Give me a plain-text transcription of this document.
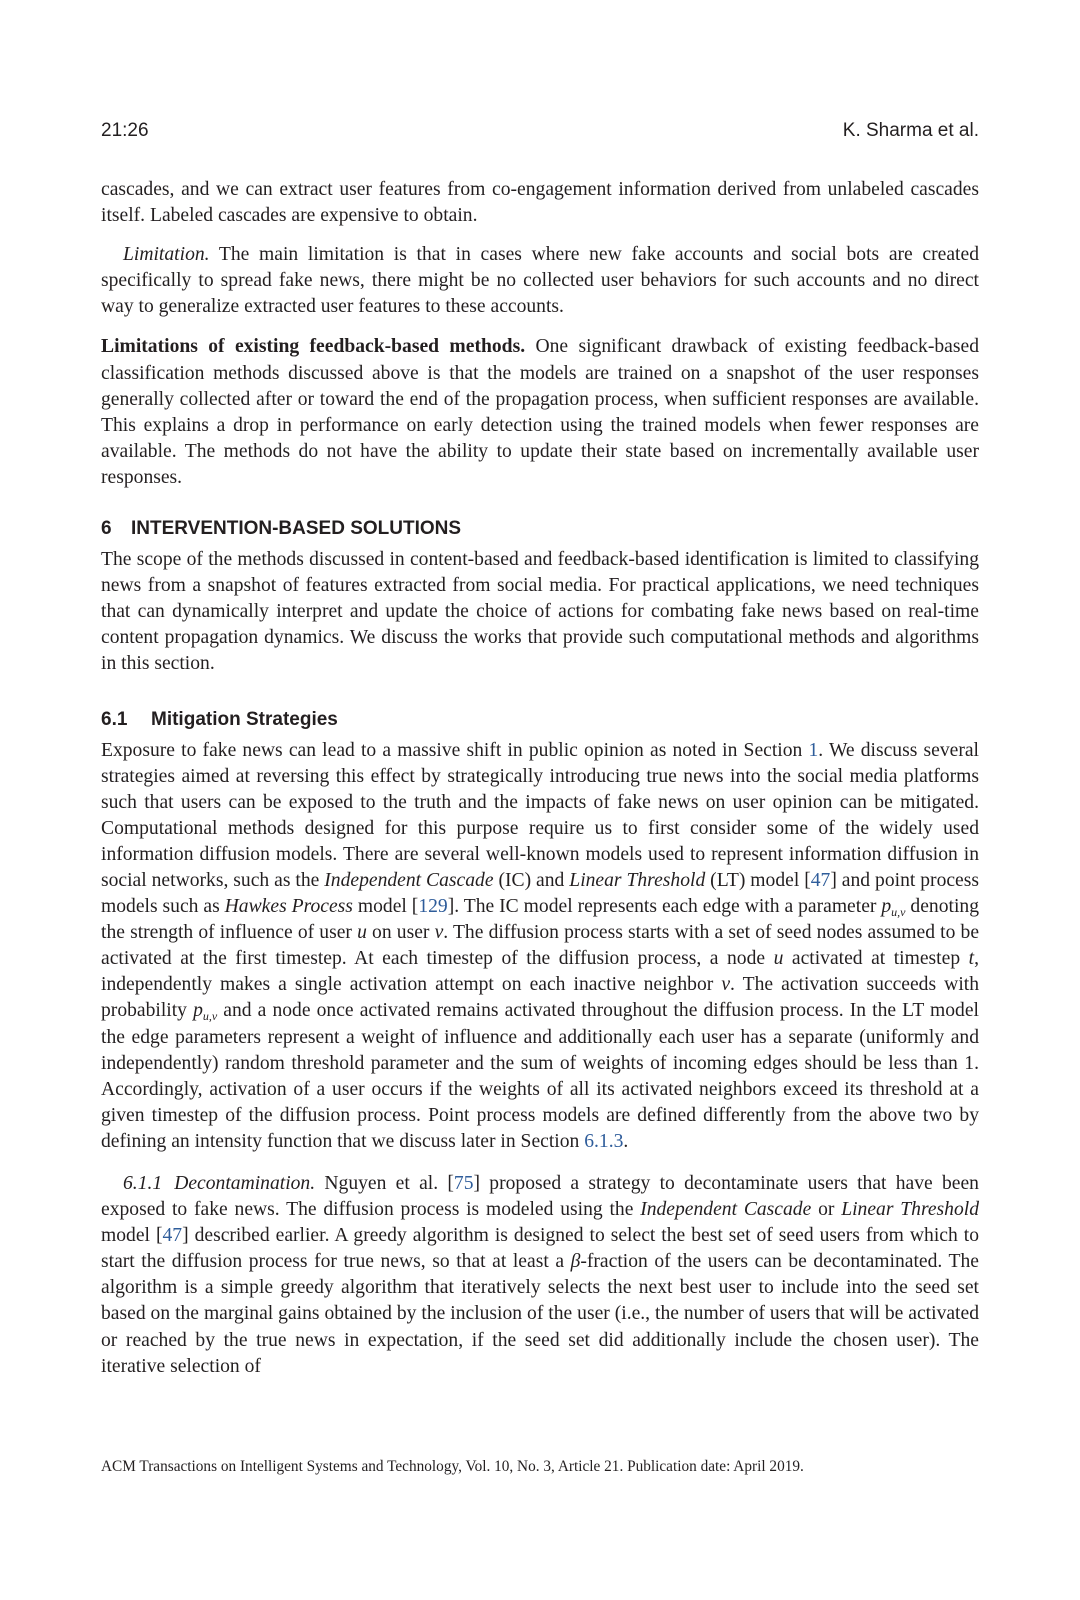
21:26	K. Sharma et al.

cascades, and we can extract user features from co-engagement information derived from unlabeled cascades itself. Labeled cascades are expensive to obtain.

Limitation. The main limitation is that in cases where new fake accounts and social bots are created specifically to spread fake news, there might be no collected user behaviors for such accounts and no direct way to generalize extracted user features to these accounts.

Limitations of existing feedback-based methods. One significant drawback of existing feedback-based classification methods discussed above is that the models are trained on a snapshot of the user responses generally collected after or toward the end of the propagation process, when sufficient responses are available. This explains a drop in performance on early detection using the trained models when fewer responses are available. The methods do not have the ability to update their state based on incrementally available user responses.

6 INTERVENTION-BASED SOLUTIONS

The scope of the methods discussed in content-based and feedback-based identification is limited to classifying news from a snapshot of features extracted from social media. For practical applications, we need techniques that can dynamically interpret and update the choice of actions for combating fake news based on real-time content propagation dynamics. We discuss the works that provide such computational methods and algorithms in this section.

6.1 Mitigation Strategies

Exposure to fake news can lead to a massive shift in public opinion as noted in Section 1. We discuss several strategies aimed at reversing this effect by strategically introducing true news into the social media platforms such that users can be exposed to the truth and the impacts of fake news on user opinion can be mitigated. Computational methods designed for this purpose require us to first consider some of the widely used information diffusion models. There are several well-known models used to represent information diffusion in social networks, such as the Independent Cascade (IC) and Linear Threshold (LT) model [47] and point process models such as Hawkes Process model [129]. The IC model represents each edge with a parameter $p_{u,v}$ denoting the strength of influence of user u on user v. The diffusion process starts with a set of seed nodes assumed to be activated at the first timestep. At each timestep of the diffusion process, a node u activated at timestep t, independently makes a single activation attempt on each inactive neighbor v. The activation succeeds with probability $p_{u,v}$ and a node once activated remains activated throughout the diffusion process. In the LT model the edge parameters represent a weight of influence and additionally each user has a separate (uniformly and independently) random threshold parameter and the sum of weights of incoming edges should be less than 1. Accordingly, activation of a user occurs if the weights of all its activated neighbors exceed its threshold at a given timestep of the diffusion process. Point process models are defined differently from the above two by defining an intensity function that we discuss later in Section 6.1.3.

6.1.1 Decontamination. Nguyen et al. [75] proposed a strategy to decontaminate users that have been exposed to fake news. The diffusion process is modeled using the Independent Cascade or Linear Threshold model [47] described earlier. A greedy algorithm is designed to select the best set of seed users from which to start the diffusion process for true news, so that at least a β-fraction of the users can be decontaminated. The algorithm is a simple greedy algorithm that iteratively selects the next best user to include into the seed set based on the marginal gains obtained by the inclusion of the user (i.e., the number of users that will be activated or reached by the true news in expectation, if the seed set did additionally include the chosen user). The iterative selection of

ACM Transactions on Intelligent Systems and Technology, Vol. 10, No. 3, Article 21. Publication date: April 2019.
